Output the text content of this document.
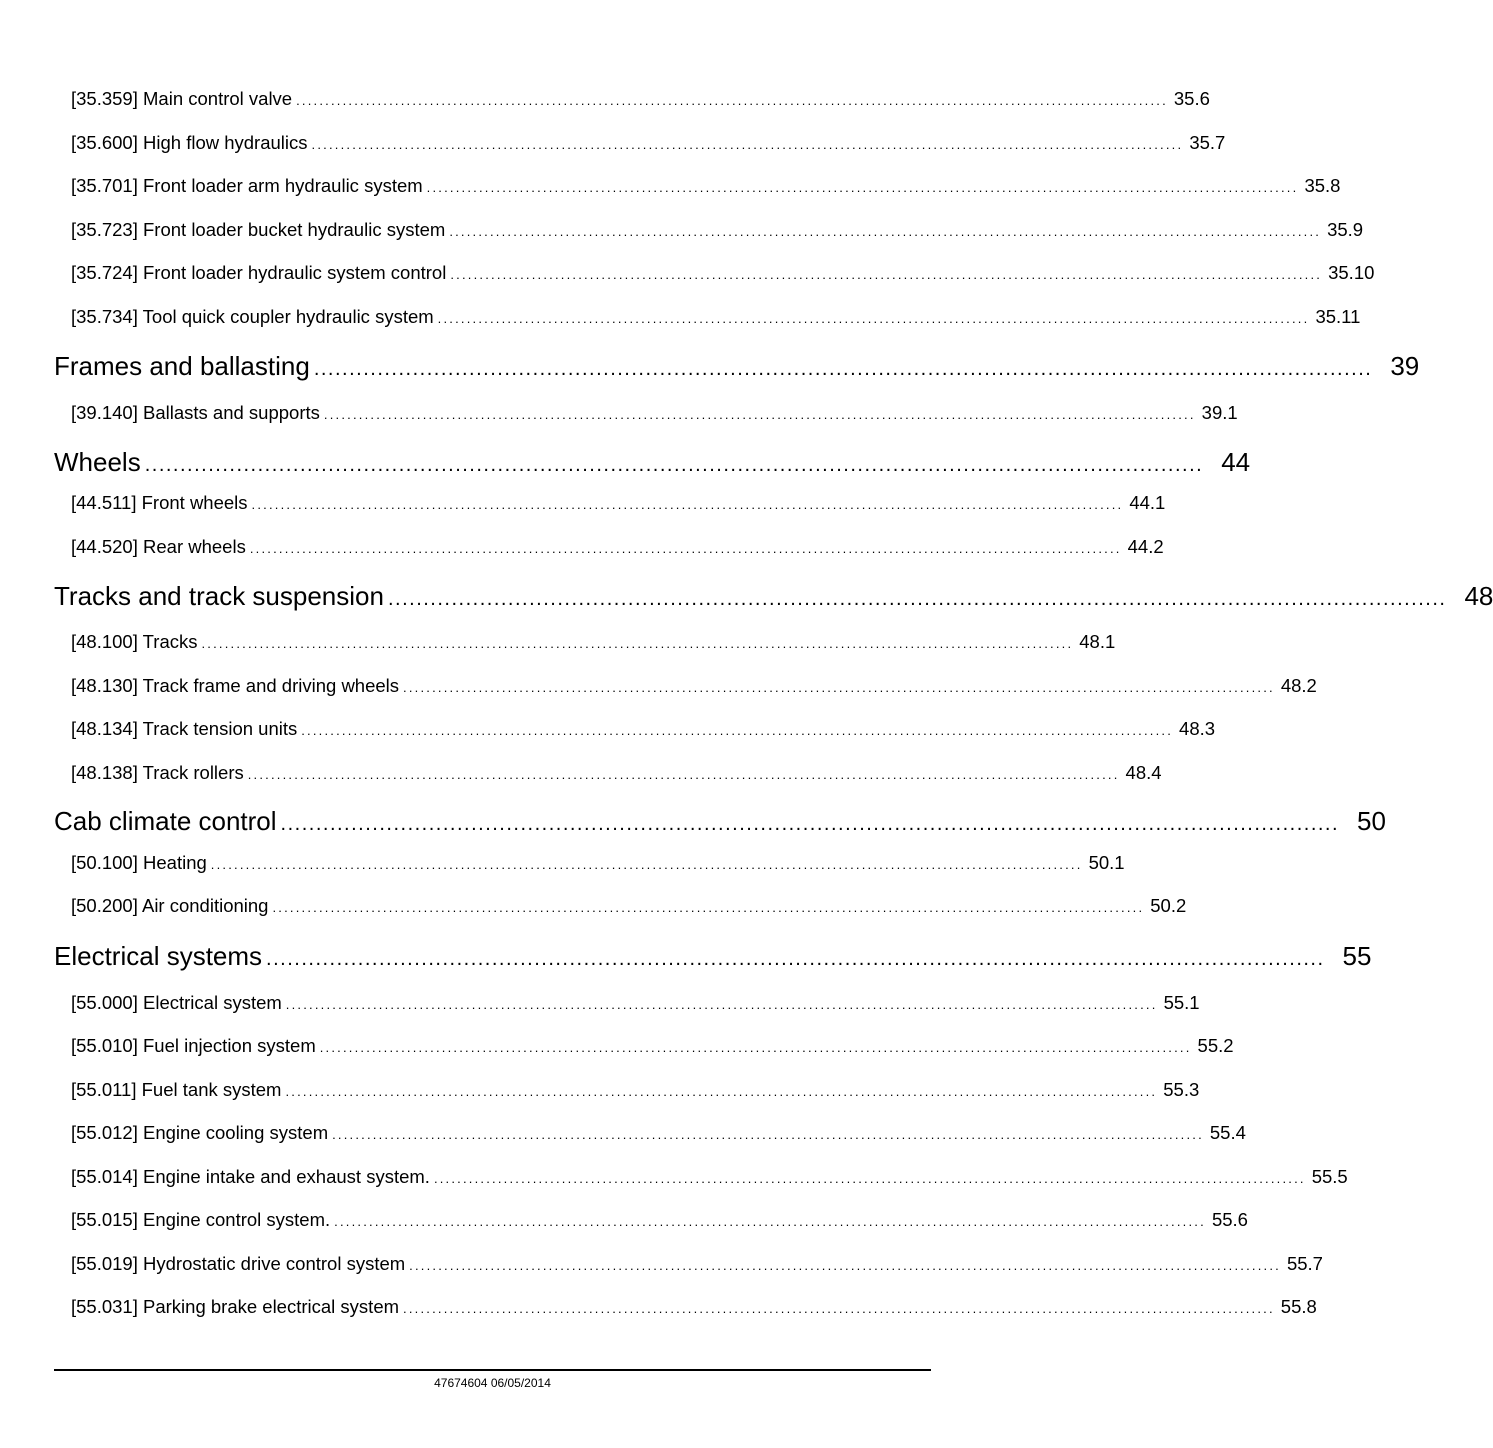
[35.359] Main control valve ...................................................................................................................................................... 35.6
[35.600] High flow hydraulics ...................................................................................................................................................... 35.7
[35.701] Front loader arm hydraulic system ...................................................................................................................................................... 35.8
[35.723] Front loader bucket hydraulic system ...................................................................................................................................................... 35.9
[35.724] Front loader hydraulic system control ...................................................................................................................................................... 35.10
[35.734] Tool quick coupler hydraulic system ...................................................................................................................................................... 35.11
Frames and ballasting ...................................................................................................................................................... 39
[39.140] Ballasts and supports ...................................................................................................................................................... 39.1
Wheels ...................................................................................................................................................... 44
[44.511] Front wheels ...................................................................................................................................................... 44.1
[44.520] Rear wheels ...................................................................................................................................................... 44.2
Tracks and track suspension ...................................................................................................................................................... 48
[48.100] Tracks ...................................................................................................................................................... 48.1
[48.130] Track frame and driving wheels ...................................................................................................................................................... 48.2
[48.134] Track tension units ...................................................................................................................................................... 48.3
[48.138] Track rollers ...................................................................................................................................................... 48.4
Cab climate control ...................................................................................................................................................... 50
[50.100] Heating ...................................................................................................................................................... 50.1
[50.200] Air conditioning ...................................................................................................................................................... 50.2
Electrical systems ...................................................................................................................................................... 55
[55.000] Electrical system ...................................................................................................................................................... 55.1
[55.010] Fuel injection system ...................................................................................................................................................... 55.2
[55.011] Fuel tank system ...................................................................................................................................................... 55.3
[55.012] Engine cooling system ...................................................................................................................................................... 55.4
[55.014] Engine intake and exhaust system. ...................................................................................................................................................... 55.5
[55.015] Engine control system. ...................................................................................................................................................... 55.6
[55.019] Hydrostatic drive control system ...................................................................................................................................................... 55.7
[55.031] Parking brake electrical system ...................................................................................................................................................... 55.8
47674604 06/05/2014
